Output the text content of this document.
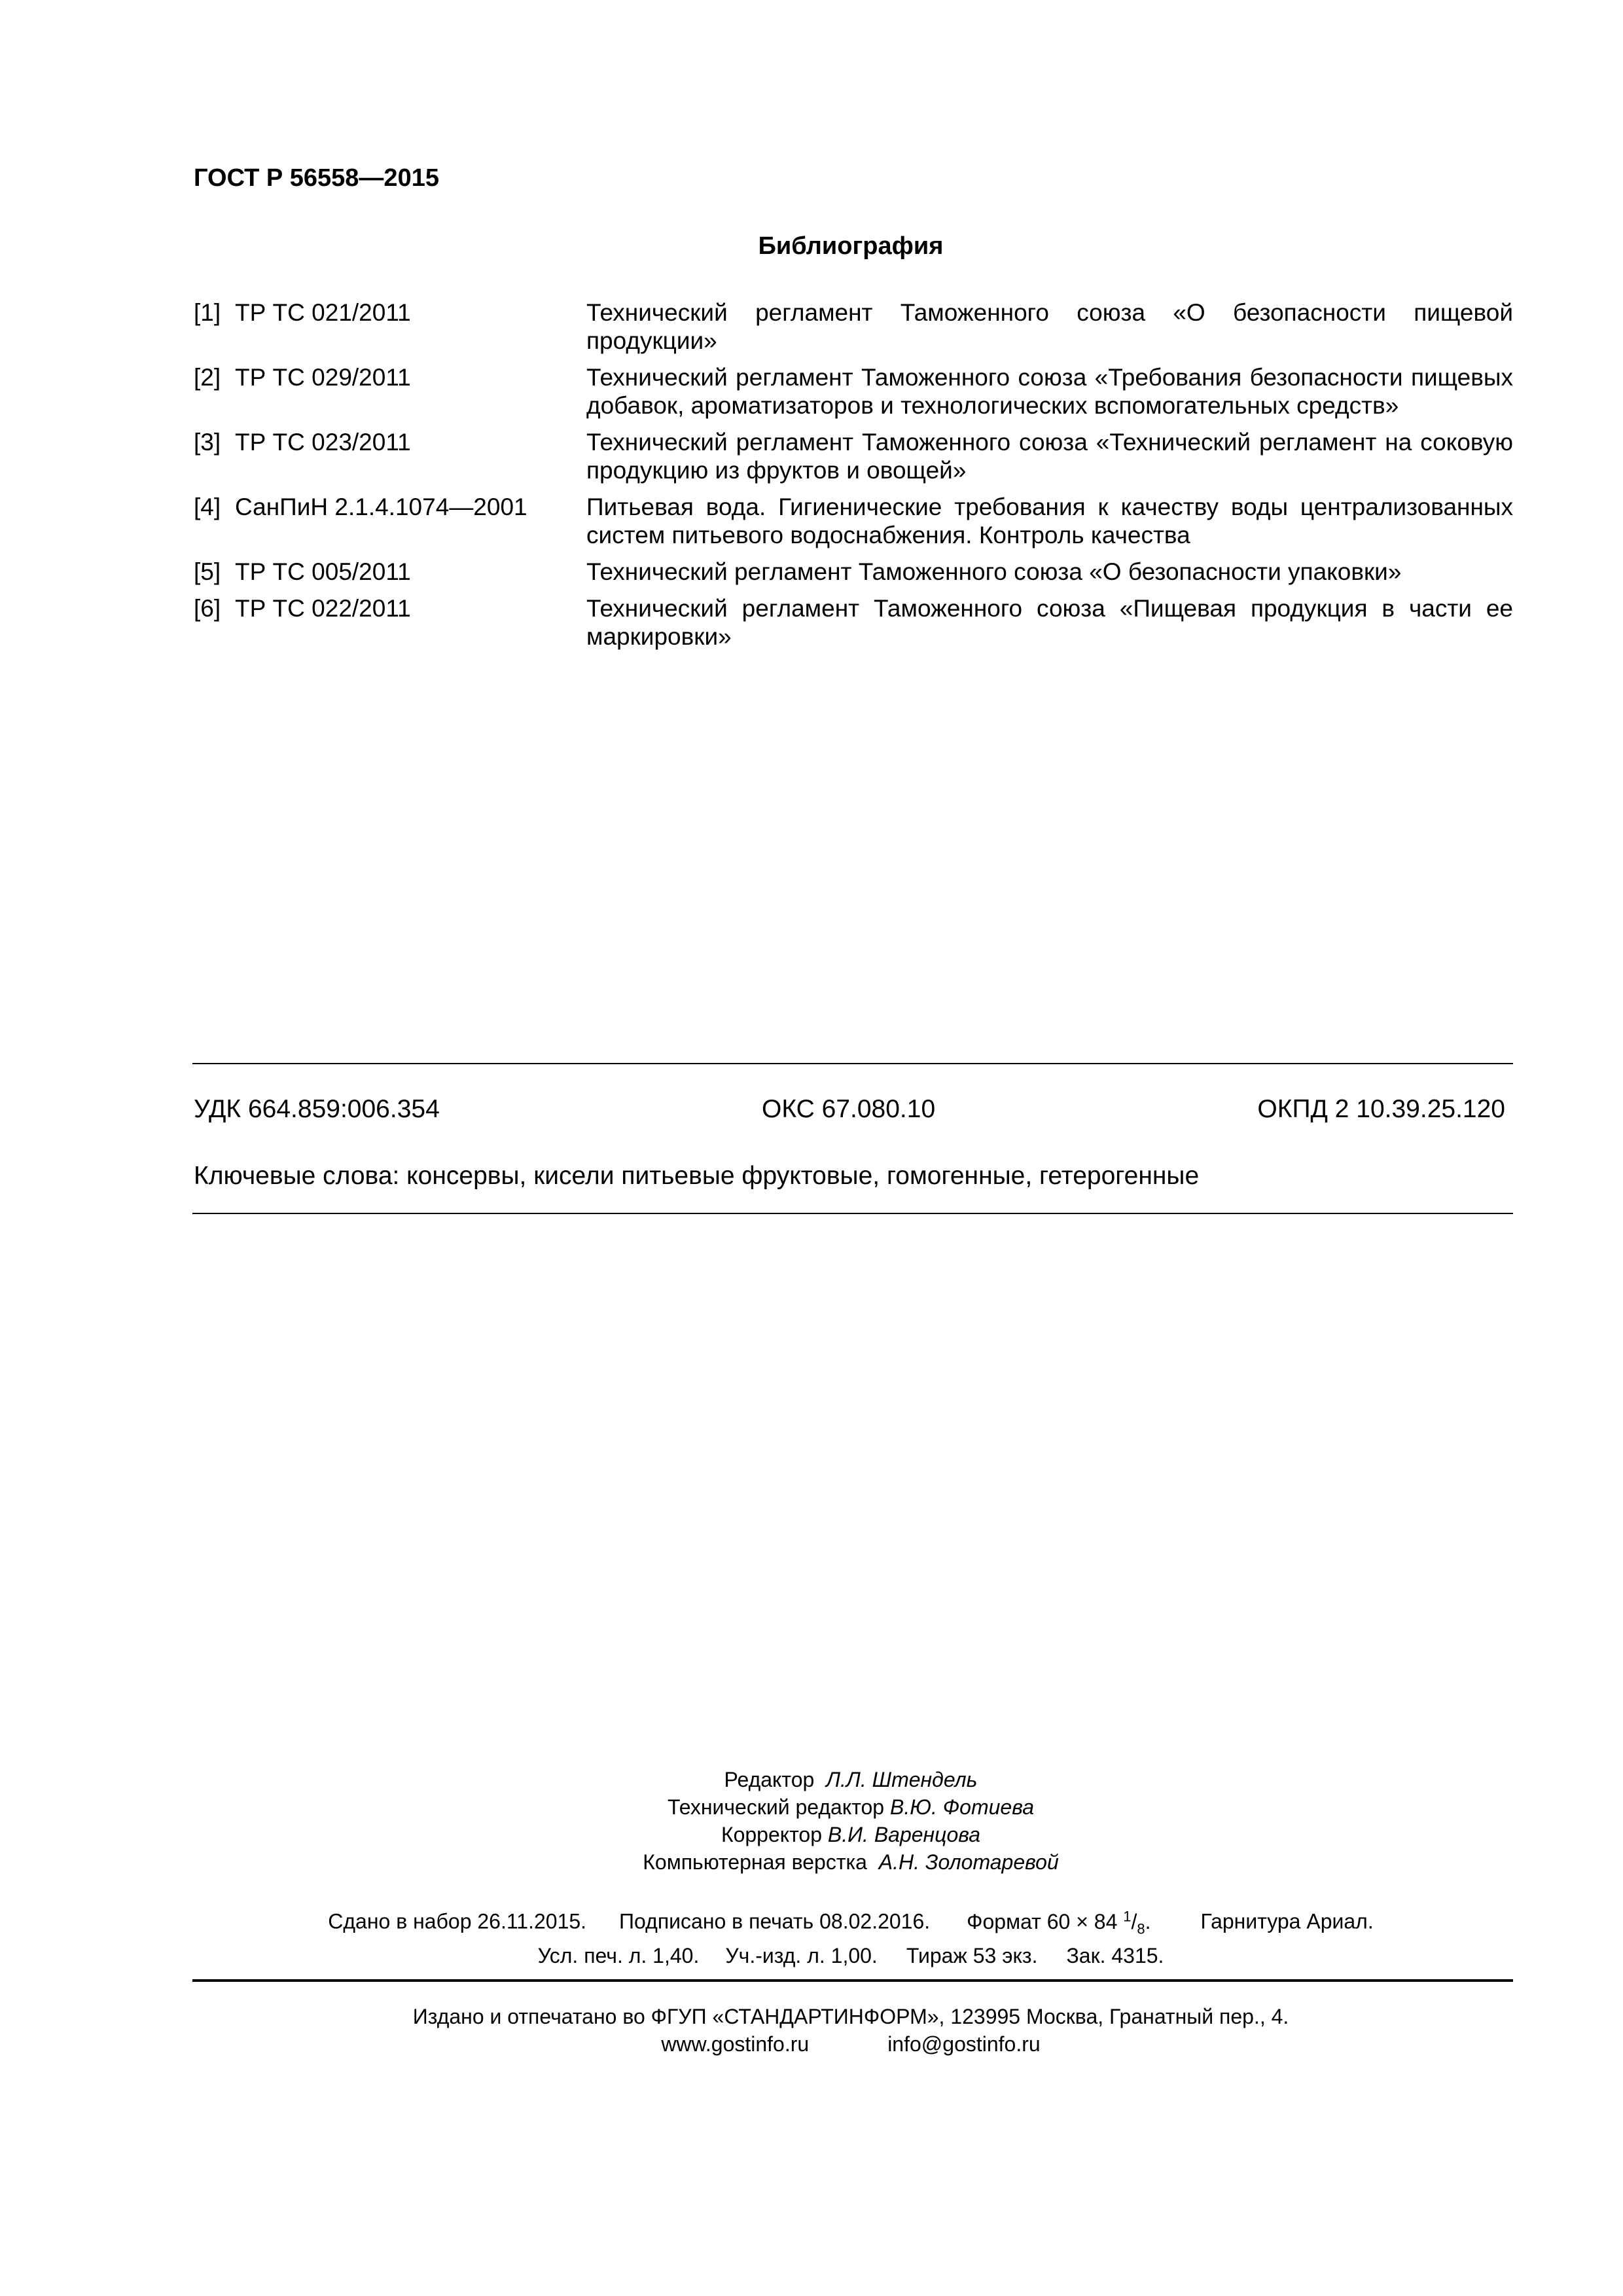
ГОСТ Р 56558—2015
Библиография
[1] ТР ТС 021/2011	Технический регламент Таможенного союза «О безопасности пищевой продукции»
[2] ТР ТС 029/2011	Технический регламент Таможенного союза «Требования безопасности пищевых добавок, ароматизаторов и технологических вспомогательных средств»
[3] ТР ТС 023/2011	Технический регламент Таможенного союза «Технический регламент на соковую продукцию из фруктов и овощей»
[4] СанПиН 2.1.4.1074—2001	Питьевая вода. Гигиенические требования к качеству воды централизованных систем питьевого водоснабжения. Контроль качества
[5] ТР ТС 005/2011	Технический регламент Таможенного союза «О безопасности упаковки»
[6] ТР ТС 022/2011	Технический регламент Таможенного союза «Пищевая продукция в части ее маркировки»
УДК 664.859:006.354	ОКС 67.080.10	ОКПД 2 10.39.25.120
Ключевые слова: консервы, кисели питьевые фруктовые, гомогенные, гетерогенные
Редактор Л.Л. Штендель
Технический редактор В.Ю. Фотиева
Корректор В.И. Варенцова
Компьютерная верстка А.Н. Золотаревой
Сдано в набор 26.11.2015. Подписано в печать 08.02.2016. Формат 60 × 84 $^1/_8$. Гарнитура Ариал.
Усл. печ. л. 1,40. Уч.-изд. л. 1,00. Тираж 53 экз. Зак. 4315.
Издано и отпечатано во ФГУП «СТАНДАРТИНФОРМ», 123995 Москва, Гранатный пер., 4.
www.gostinfo.ru	info@gostinfo.ru
